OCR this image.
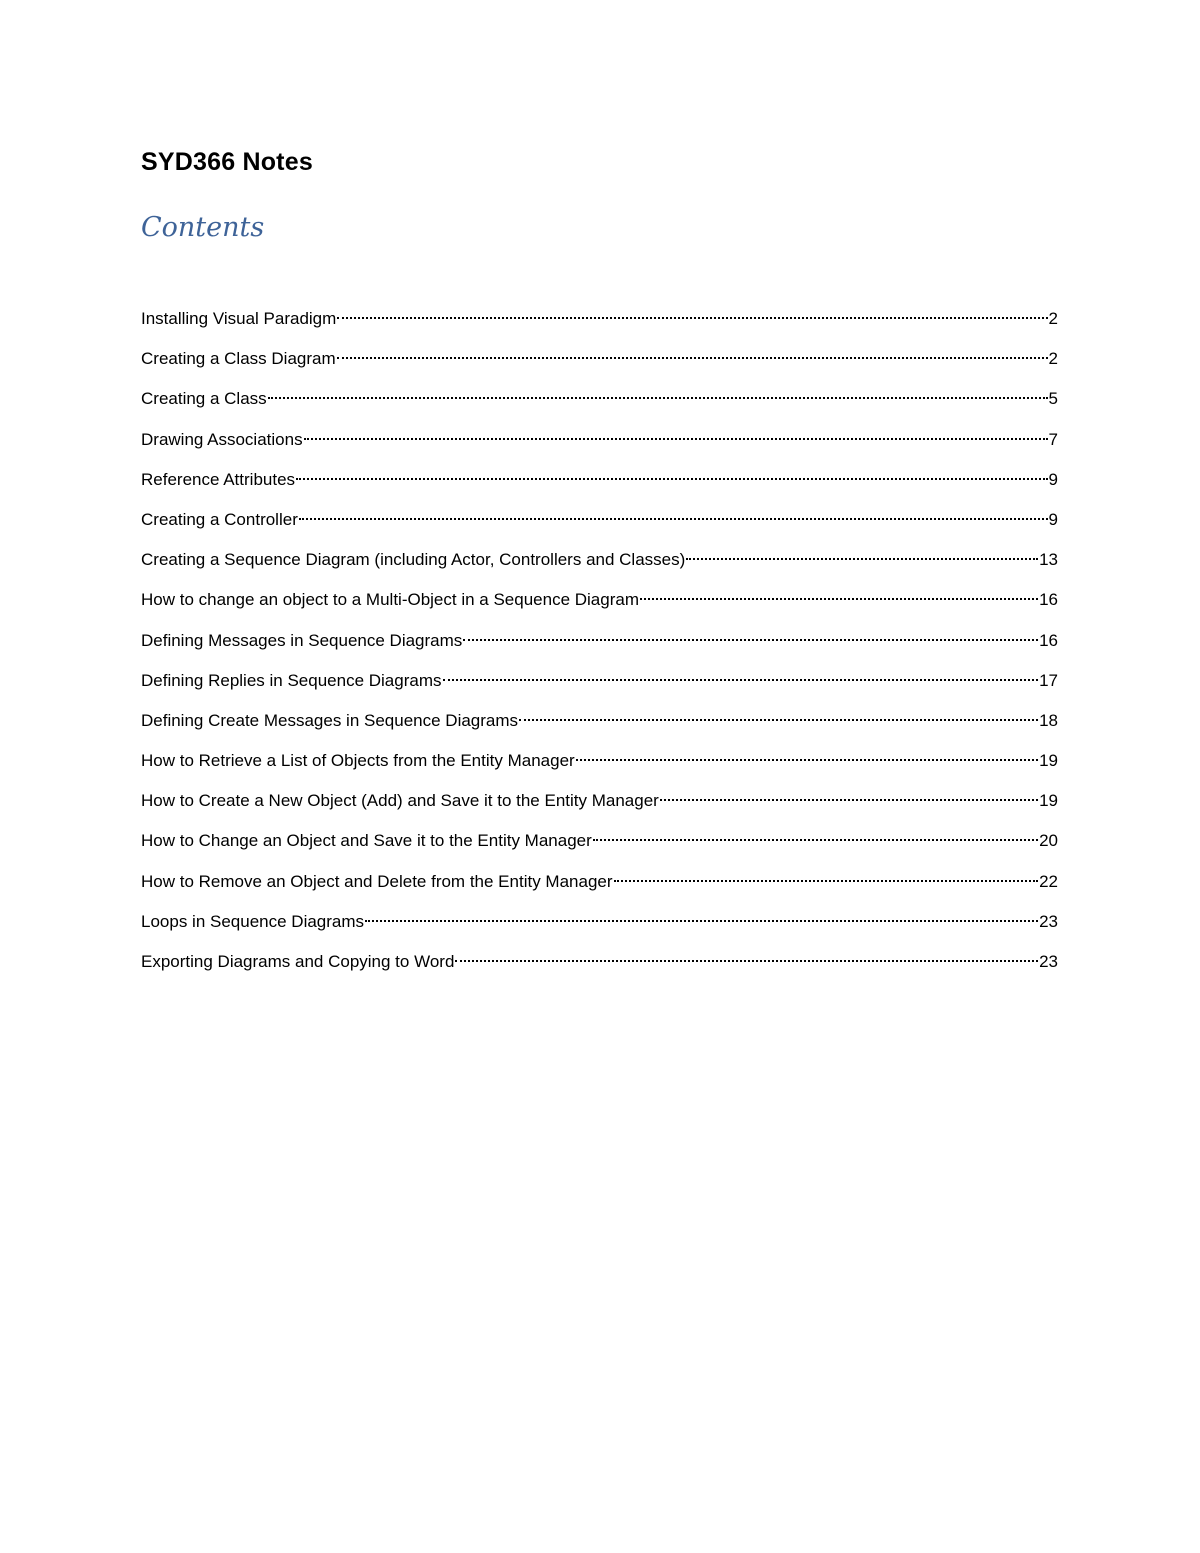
SYD366 Notes
Contents
Installing Visual Paradigm	2
Creating a Class Diagram	2
Creating a Class	5
Drawing Associations	7
Reference Attributes	9
Creating a Controller	9
Creating a Sequence Diagram (including Actor, Controllers and Classes)	13
How to change an object to a Multi-Object in a Sequence Diagram	16
Defining Messages in Sequence Diagrams	16
Defining Replies in Sequence Diagrams	17
Defining Create Messages in Sequence Diagrams	18
How to Retrieve a List of Objects from the Entity Manager	19
How to Create a New Object (Add) and Save it to the Entity Manager	19
How to Change an Object and Save it to the Entity Manager	20
How to Remove an Object and Delete from the Entity Manager	22
Loops in Sequence Diagrams	23
Exporting Diagrams and Copying to Word	23
